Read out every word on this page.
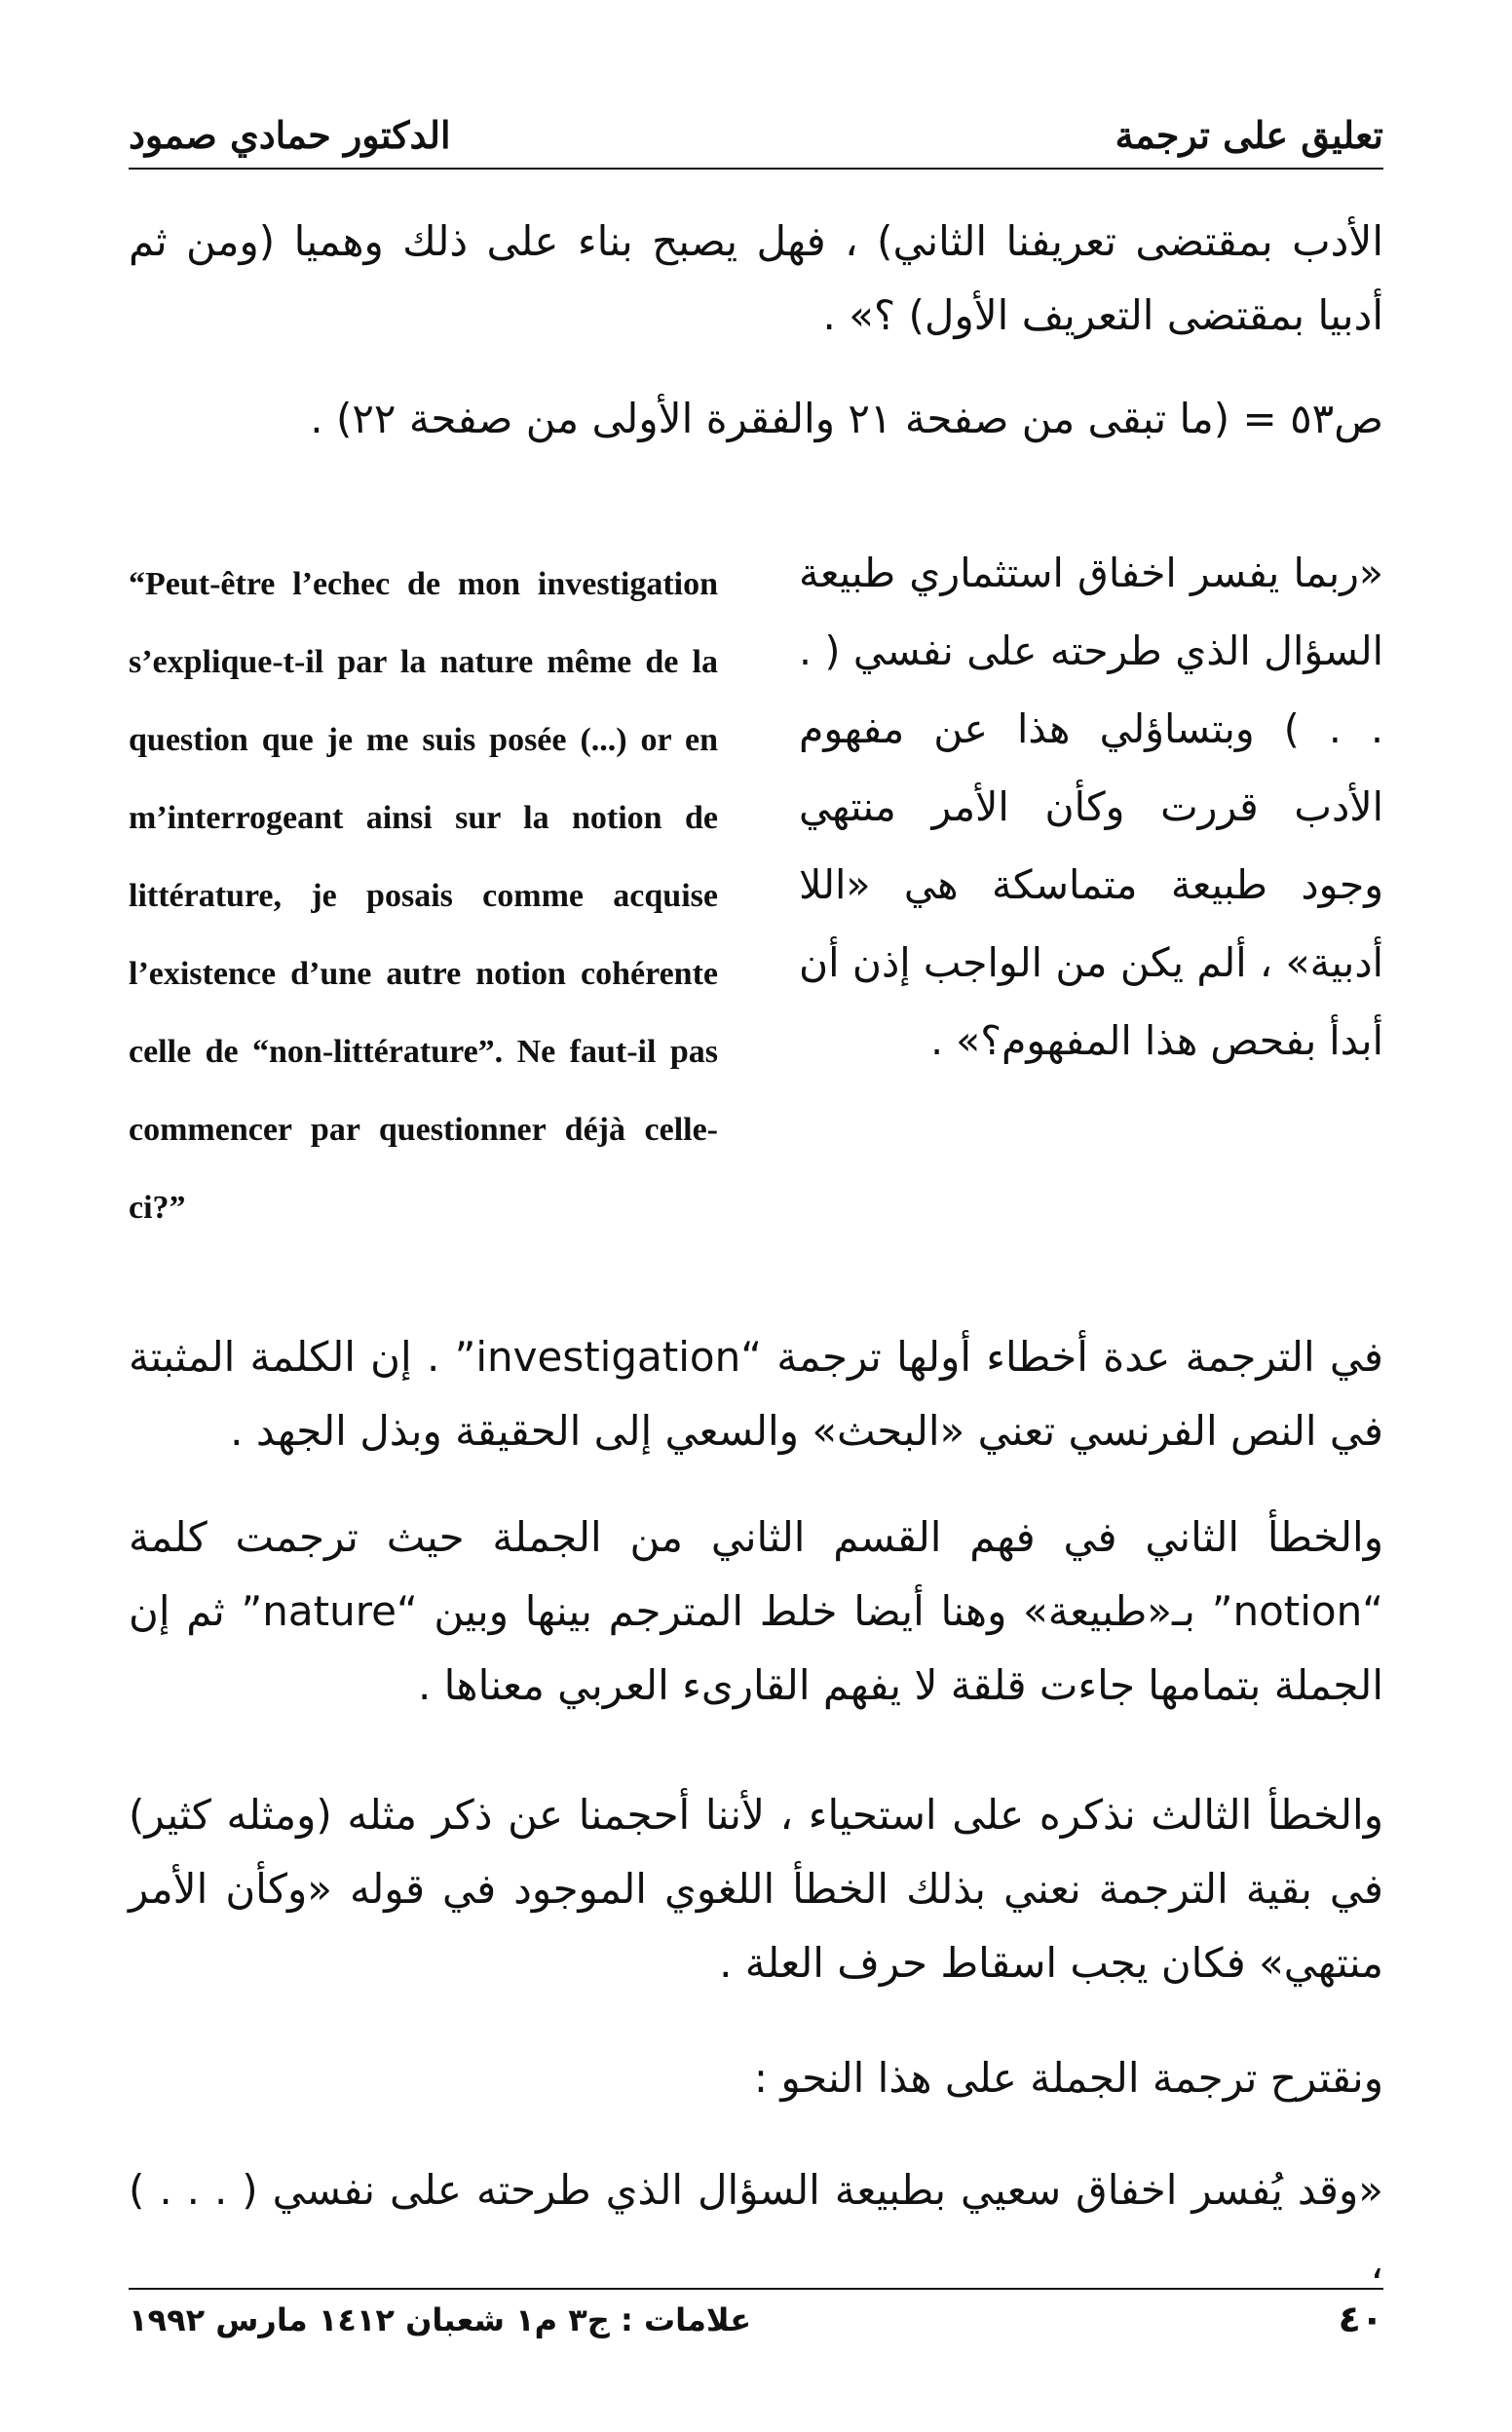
تعليق على ترجمة
الدكتور حمادي صمود

الأدب بمقتضى تعريفنا الثاني) ، فهل يصبح بناء على ذلك وهميا (ومن ثم أدبيا بمقتضى التعريف الأول) ؟» .

ص٥٣ = (ما تبقى من صفحة ٢١ والفقرة الأولى من صفحة ٢٢) .

«ربما يفسر اخفاق استثماري طبيعة السؤال الذي طرحته على نفسي ( . . . ) وبتساؤلي هذا عن مفهوم الأدب قررت وكأن الأمر منتهي وجود طبيعة متماسكة هي «اللا أدبية» ، ألم يكن من الواجب إذن أن أبدأ بفحص هذا المفهوم؟» .

“Peut-être l’echec de mon investigation s’explique-t-il par la nature même de la question que je me suis posée (...) or en m’interrogeant ainsi sur la notion de littérature, je posais comme acquise l’existence d’une autre notion cohérente celle de “non-littérature”. Ne faut-il pas commencer par questionner déjà celle-ci?”

في الترجمة عدة أخطاء أولها ترجمة “investigation” . إن الكلمة المثبتة في النص الفرنسي تعني «البحث» والسعي إلى الحقيقة وبذل الجهد .

والخطأ الثاني في فهم القسم الثاني من الجملة حيث ترجمت كلمة “notion” بـ«طبيعة» وهنا أيضا خلط المترجم بينها وبين “nature” ثم إن الجملة بتمامها جاءت قلقة لا يفهم القارىء العربي معناها .

والخطأ الثالث نذكره على استحياء ، لأننا أحجمنا عن ذكر مثله (ومثله كثير) في بقية الترجمة نعني بذلك الخطأ اللغوي الموجود في قوله «وكأن الأمر منتهي» فكان يجب اسقاط حرف العلة .

ونقترح ترجمة الجملة على هذا النحو :

«وقد يُفسر اخفاق سعيي بطبيعة السؤال الذي طرحته على نفسي ( . . . ) ،

علامات : ج٣ م١ شعبان ١٤١٢ مارس ١٩٩٢	٤٠
